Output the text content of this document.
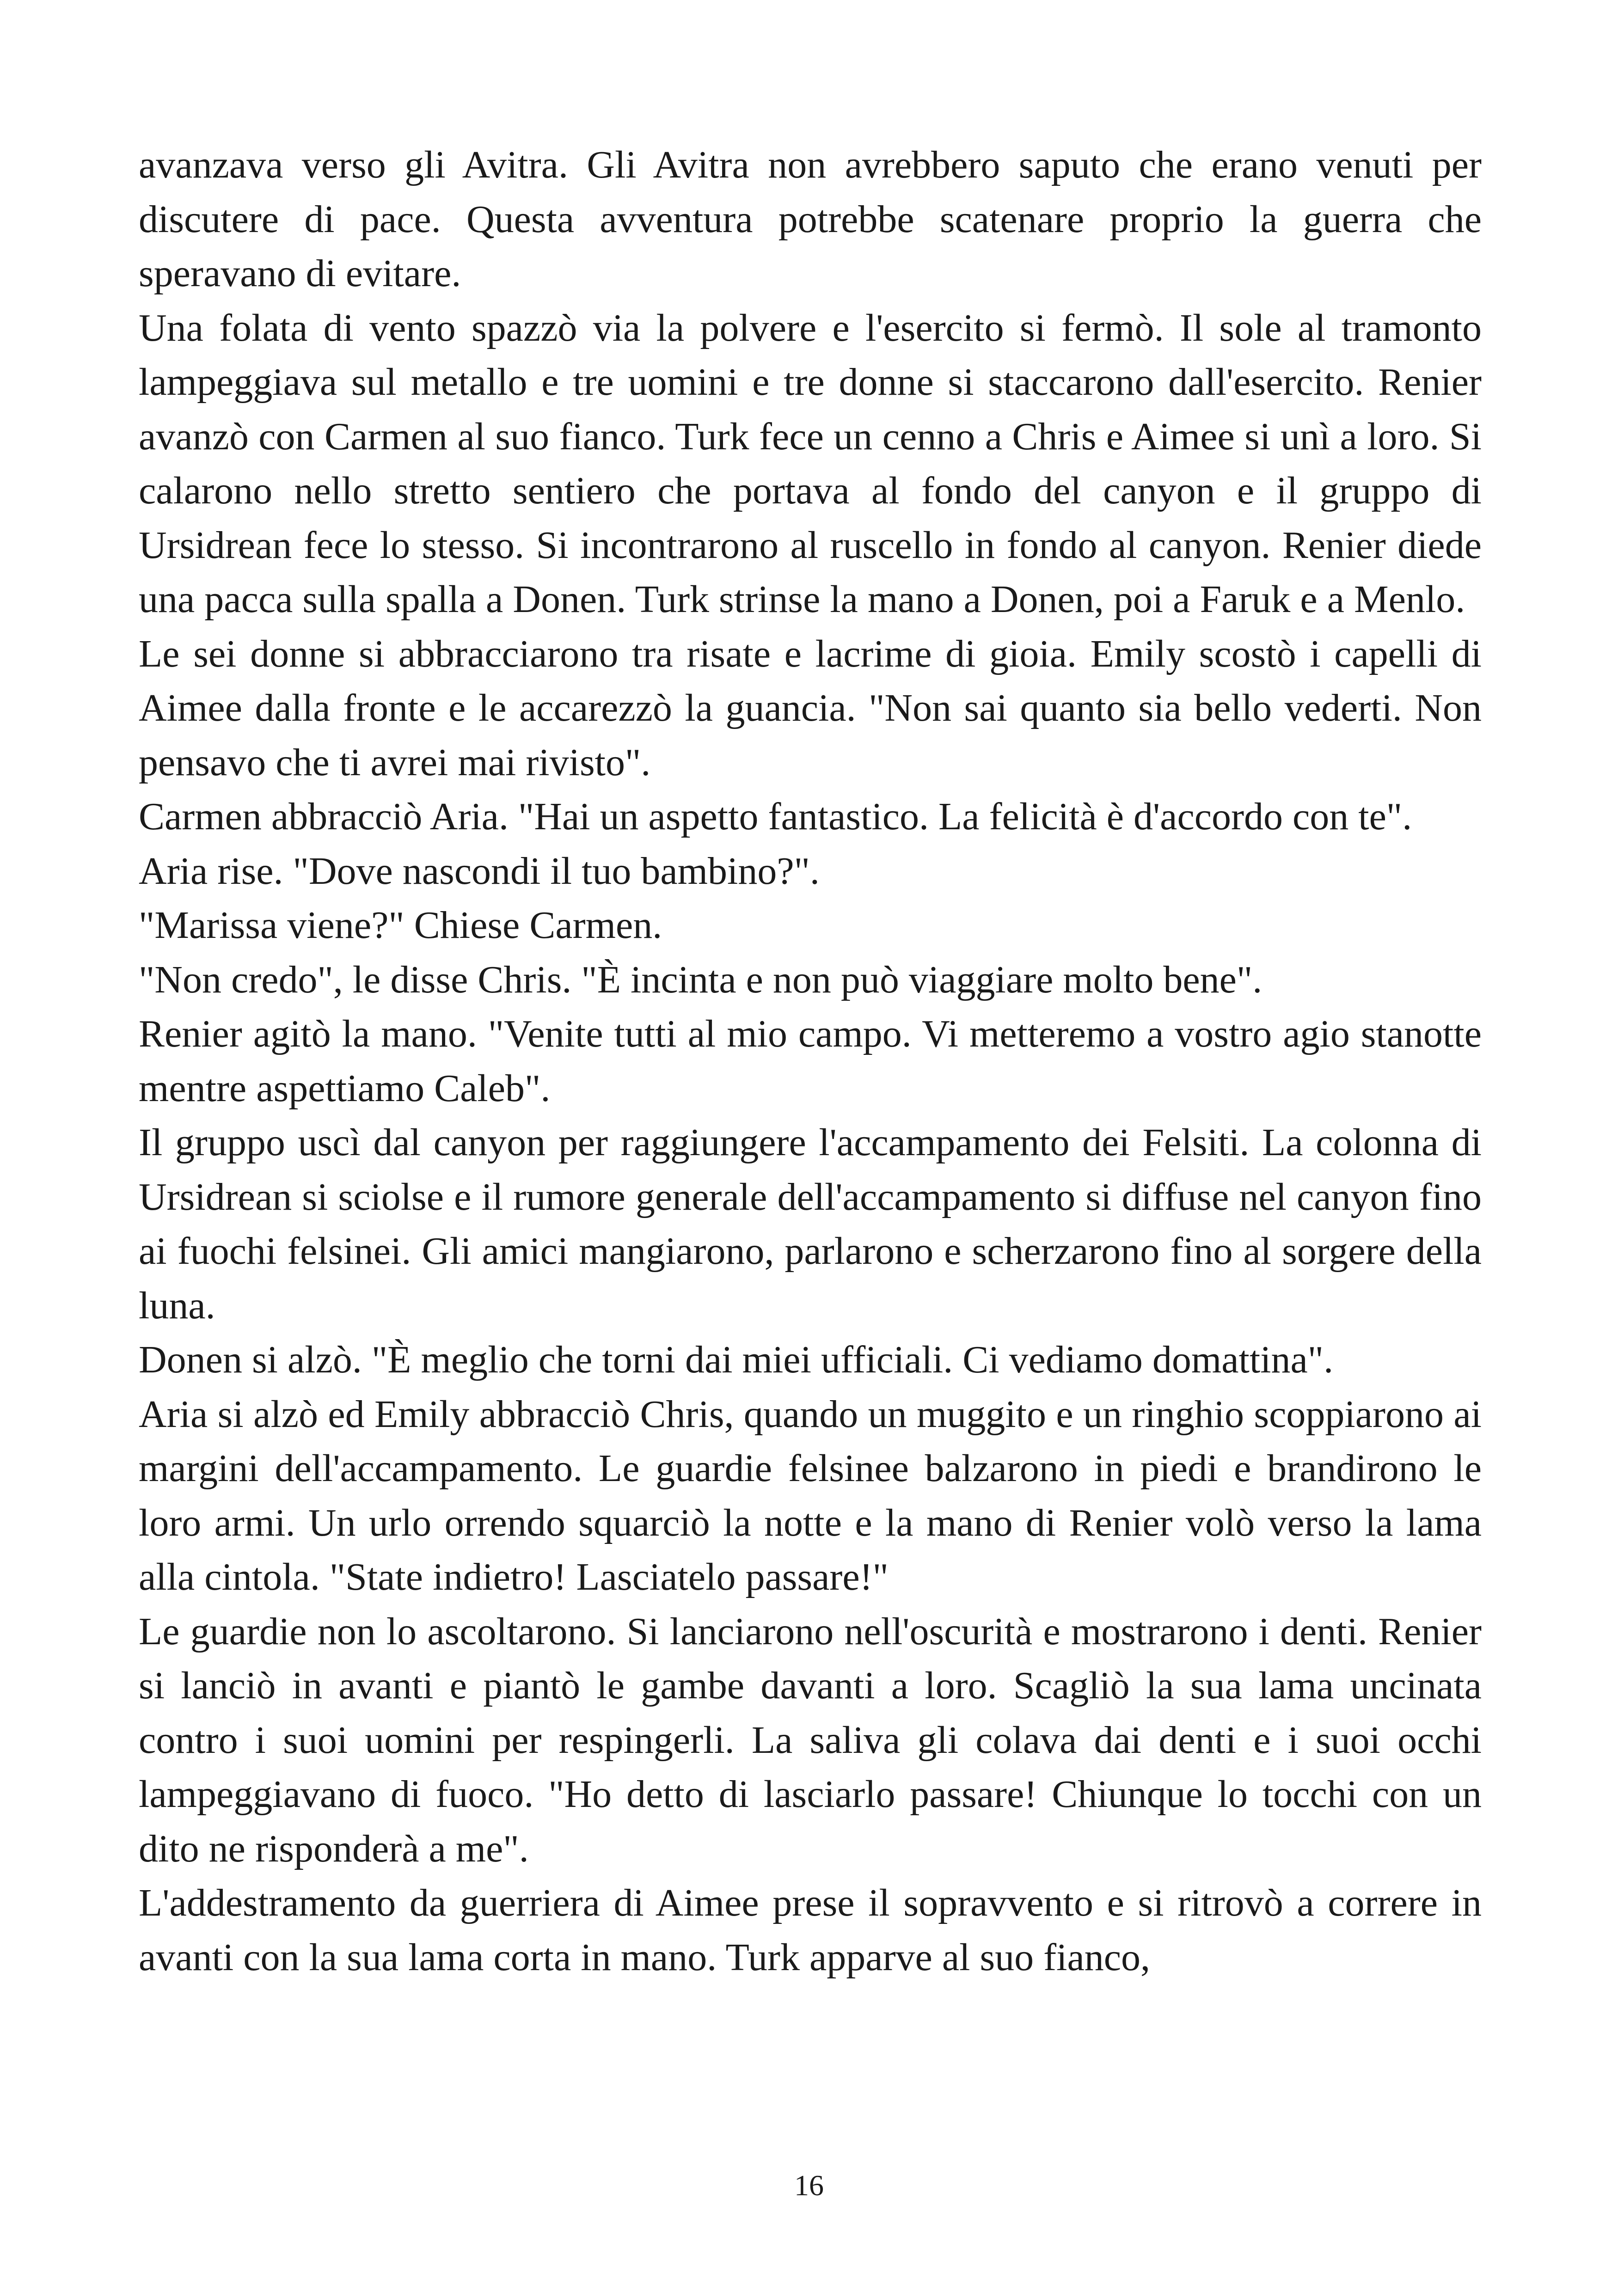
avanzava verso gli Avitra. Gli Avitra non avrebbero saputo che erano venuti per discutere di pace. Questa avventura potrebbe scatenare proprio la guerra che speravano di evitare.

Una folata di vento spazzò via la polvere e l'esercito si fermò. Il sole al tramonto lampeggiava sul metallo e tre uomini e tre donne si staccarono dall'esercito. Renier avanzò con Carmen al suo fianco. Turk fece un cenno a Chris e Aimee si unì a loro. Si calarono nello stretto sentiero che portava al fondo del canyon e il gruppo di Ursidrean fece lo stesso. Si incontrarono al ruscello in fondo al canyon. Renier diede una pacca sulla spalla a Donen. Turk strinse la mano a Donen, poi a Faruk e a Menlo.

Le sei donne si abbracciarono tra risate e lacrime di gioia. Emily scostò i capelli di Aimee dalla fronte e le accarezzò la guancia. "Non sai quanto sia bello vederti. Non pensavo che ti avrei mai rivisto".

Carmen abbracciò Aria. "Hai un aspetto fantastico. La felicità è d'accordo con te".

Aria rise. "Dove nascondi il tuo bambino?".

"Marissa viene?" Chiese Carmen.

"Non credo", le disse Chris. "È incinta e non può viaggiare molto bene".

Renier agitò la mano. "Venite tutti al mio campo. Vi metteremo a vostro agio stanotte mentre aspettiamo Caleb".

Il gruppo uscì dal canyon per raggiungere l'accampamento dei Felsiti. La colonna di Ursidrean si sciolse e il rumore generale dell'accampamento si diffuse nel canyon fino ai fuochi felsinei. Gli amici mangiarono, parlarono e scherzarono fino al sorgere della luna.

Donen si alzò. "È meglio che torni dai miei ufficiali. Ci vediamo domattina".

Aria si alzò ed Emily abbracciò Chris, quando un muggito e un ringhio scoppiarono ai margini dell'accampamento. Le guardie felsinee balzarono in piedi e brandirono le loro armi. Un urlo orrendo squarciò la notte e la mano di Renier volò verso la lama alla cintola. "State indietro! Lasciatelo passare!"

Le guardie non lo ascoltarono. Si lanciarono nell'oscurità e mostrarono i denti. Renier si lanciò in avanti e piantò le gambe davanti a loro. Scagliò la sua lama uncinata contro i suoi uomini per respingerli. La saliva gli colava dai denti e i suoi occhi lampeggiavano di fuoco. "Ho detto di lasciarlo passare! Chiunque lo tocchi con un dito ne risponderà a me".

L'addestramento da guerriera di Aimee prese il sopravvento e si ritrovò a correre in avanti con la sua lama corta in mano. Turk apparve al suo fianco,

16
